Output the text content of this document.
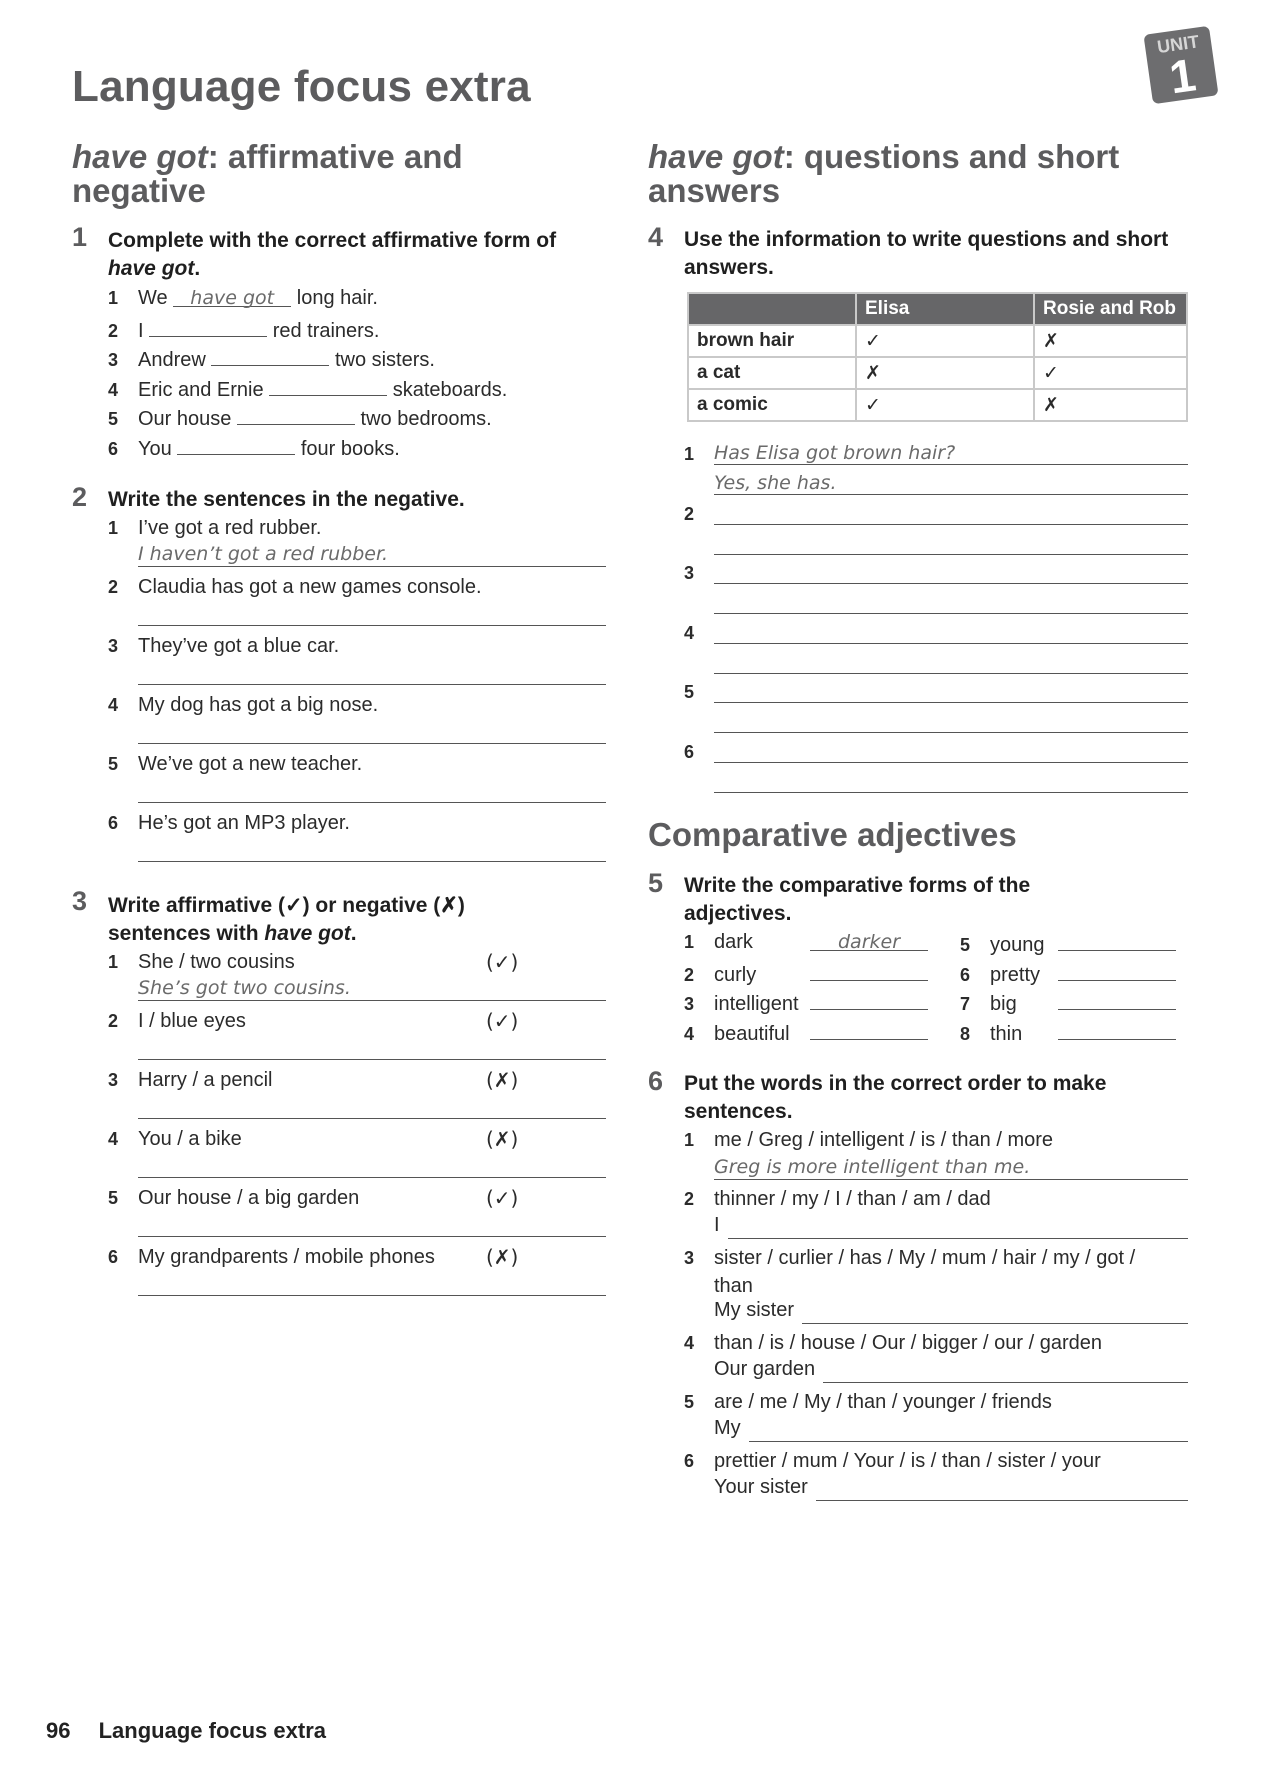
Language focus extra
UNIT
1
have got: affirmative and negative
1 Complete with the correct affirmative form of
have got.
1 We have got long hair.
2 I	red trainers.
3 Andrew	two sisters.
4 Eric and Ernie	skateboards.
5 Our house	two bedrooms.
6 You	four books.
2 Write the sentences in the negative.
1 I’ve got a red rubber.
I haven’t got a red rubber.
2 Claudia has got a new games console.
3 They’ve got a blue car.
4 My dog has got a big nose.
5 We’ve got a new teacher.
6 He’s got an MP3 player.
3 Write affirmative (✓) or negative (✗)
sentences with have got.
1 She / two cousins	(✓)
She’s got two cousins.
2 I / blue eyes	(✓)
3 Harry / a pencil	(✗)
4 You / a bike	(✗)
5 Our house / a big garden	(✓)
6 My grandparents / mobile phones	(✗)
have got: questions and short answers
4 Use the information to write questions and short answers.
	Elisa	Rosie and Rob
brown hair	✓	✗
a cat	✗	✓
a comic	✓	✗
1	Has Elisa got brown hair?
Yes, she has.
2
3
4
5
6
Comparative adjectives
5 Write the comparative forms of the adjectives.
1 dark	darker
2 curly
3 intelligent
4 beautiful
5 young
6 pretty
7 big
8 thin
6 Put the words in the correct order to make sentences.
1 me / Greg / intelligent / is / than / more
Greg is more intelligent than me.
2 thinner / my / I / than / am / dad
I
3 sister / curlier / has / My / mum / hair / my / got /
than
My sister
4 than / is / house / Our / bigger / our / garden
Our garden
5 are / me / My / than / younger / friends
My
6 prettier / mum / Your / is / than / sister / your
Your sister
96 Language focus extra
